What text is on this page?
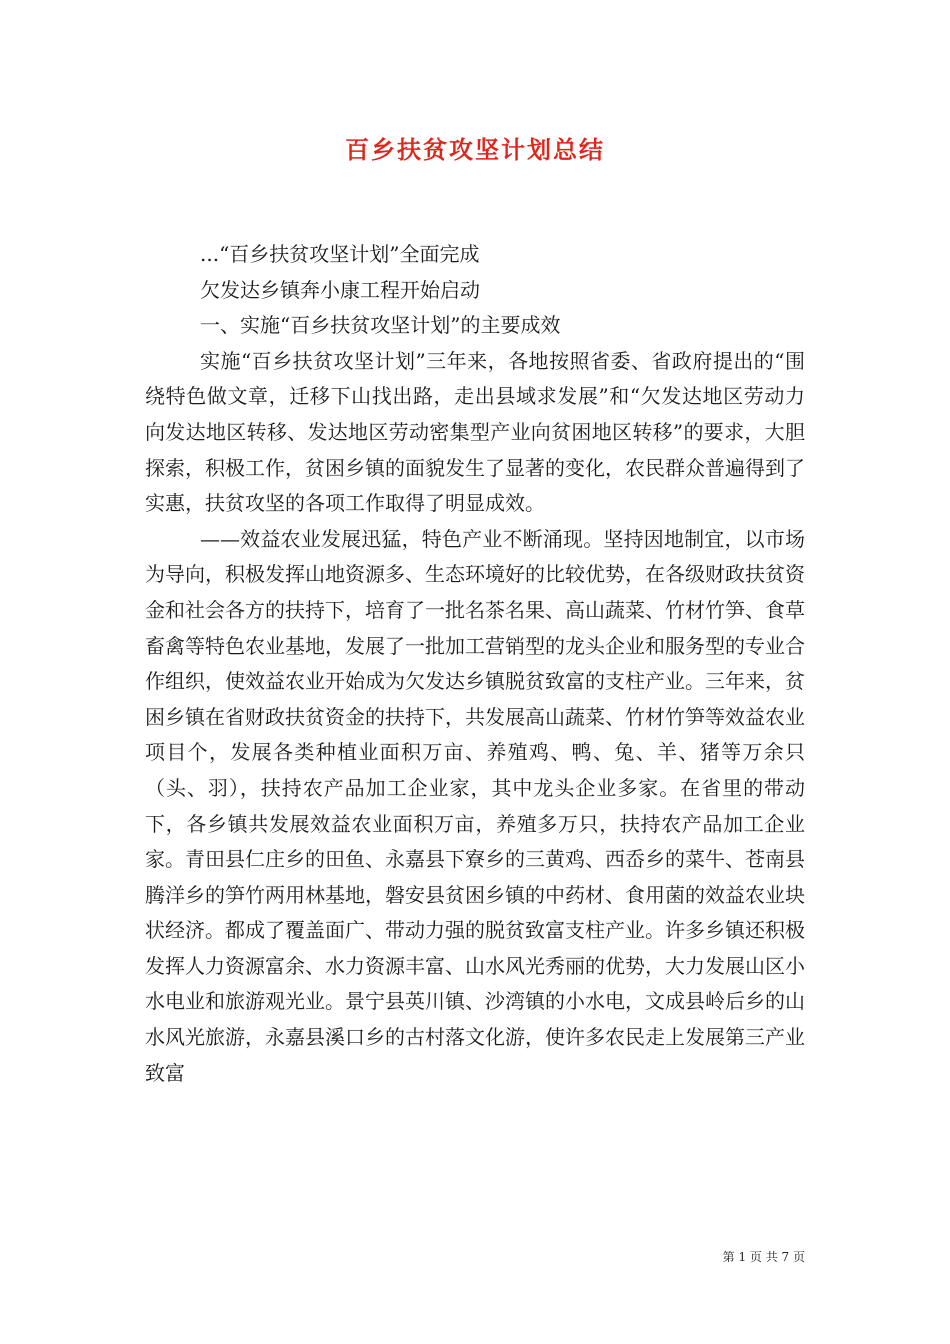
百乡扶贫攻坚计划总结

...“百乡扶贫攻坚计划”全面完成

欠发达乡镇奔小康工程开始启动

一、实施“百乡扶贫攻坚计划”的主要成效

实施“百乡扶贫攻坚计划”三年来，各地按照省委、省政府提出的“围绕特色做文章，迁移下山找出路，走出县域求发展”和“欠发达地区劳动力向发达地区转移、发达地区劳动密集型产业向贫困地区转移”的要求，大胆探索，积极工作，贫困乡镇的面貌发生了显著的变化，农民群众普遍得到了实惠，扶贫攻坚的各项工作取得了明显成效。

——效益农业发展迅猛，特色产业不断涌现。坚持因地制宜，以市场为导向，积极发挥山地资源多、生态环境好的比较优势，在各级财政扶贫资金和社会各方的扶持下，培育了一批名茶名果、高山蔬菜、竹材竹笋、食草畜禽等特色农业基地，发展了一批加工营销型的龙头企业和服务型的专业合作组织，使效益农业开始成为欠发达乡镇脱贫致富的支柱产业。三年来，贫困乡镇在省财政扶贫资金的扶持下，共发展高山蔬菜、竹材竹笋等效益农业项目个，发展各类种植业面积万亩、养殖鸡、鸭、兔、羊、猪等万余只（头、羽），扶持农产品加工企业家，其中龙头企业多家。在省里的带动下，各乡镇共发展效益农业面积万亩，养殖多万只，扶持农产品加工企业家。青田县仁庄乡的田鱼、永嘉县下寮乡的三黄鸡、西岙乡的菜牛、苍南县腾洋乡的笋竹两用林基地，磐安县贫困乡镇的中药材、食用菌的效益农业块状经济。都成了覆盖面广、带动力强的脱贫致富支柱产业。许多乡镇还积极发挥人力资源富余、水力资源丰富、山水风光秀丽的优势，大力发展山区小水电业和旅游观光业。景宁县英川镇、沙湾镇的小水电，文成县岭后乡的山水风光旅游，永嘉县溪口乡的古村落文化游，使许多农民走上发展第三产业致富

第 1 页 共 7 页
